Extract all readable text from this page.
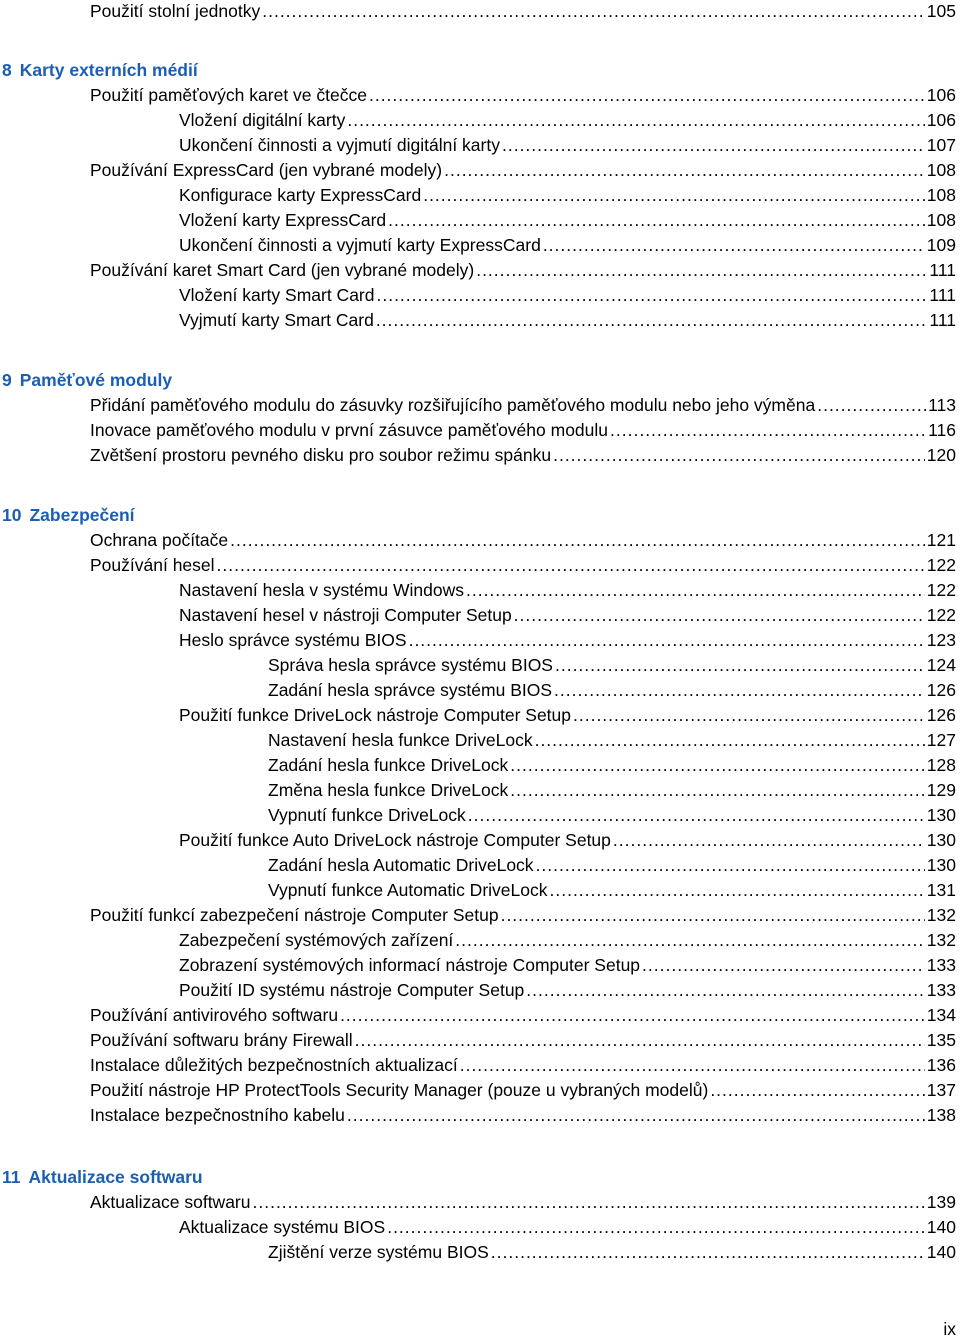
Použití stolní jednotky .....	105
8 Karty externích médií
Použití paměťových karet ve čtečce .....	106
Vložení digitální karty .....	106
Ukončení činnosti a vyjmutí digitální karty .....	107
Používání ExpressCard (jen vybrané modely) .....	108
Konfigurace karty ExpressCard .....	108
Vložení karty ExpressCard .....	108
Ukončení činnosti a vyjmutí karty ExpressCard .....	109
Používání karet Smart Card (jen vybrané modely) .....	111
Vložení karty Smart Card .....	111
Vyjmutí karty Smart Card .....	111
9 Paměťové moduly
Přidání paměťového modulu do zásuvky rozšiřujícího paměťového modulu nebo jeho výměna .....	113
Inovace paměťového modulu v první zásuvce paměťového modulu .....	116
Zvětšení prostoru pevného disku pro soubor režimu spánku .....	120
10 Zabezpečení
Ochrana počítače .....	121
Používání hesel .....	122
Nastavení hesla v systému Windows .....	122
Nastavení hesel v nástroji Computer Setup .....	122
Heslo správce systému BIOS .....	123
Správa hesla správce systému BIOS .....	124
Zadání hesla správce systému BIOS .....	126
Použití funkce DriveLock nástroje Computer Setup .....	126
Nastavení hesla funkce DriveLock .....	127
Zadání hesla funkce DriveLock .....	128
Změna hesla funkce DriveLock .....	129
Vypnutí funkce DriveLock .....	130
Použití funkce Auto DriveLock nástroje Computer Setup .....	130
Zadání hesla Automatic DriveLock .....	130
Vypnutí funkce Automatic DriveLock .....	131
Použití funkcí zabezpečení nástroje Computer Setup .....	132
Zabezpečení systémových zařízení .....	132
Zobrazení systémových informací nástroje Computer Setup .....	133
Použití ID systému nástroje Computer Setup .....	133
Používání antivirového softwaru .....	134
Používání softwaru brány Firewall .....	135
Instalace důležitých bezpečnostních aktualizací .....	136
Použití nástroje HP ProtectTools Security Manager (pouze u vybraných modelů) .....	137
Instalace bezpečnostního kabelu .....	138
11 Aktualizace softwaru
Aktualizace softwaru .....	139
Aktualizace systému BIOS .....	140
Zjištění verze systému BIOS .....	140
ix
